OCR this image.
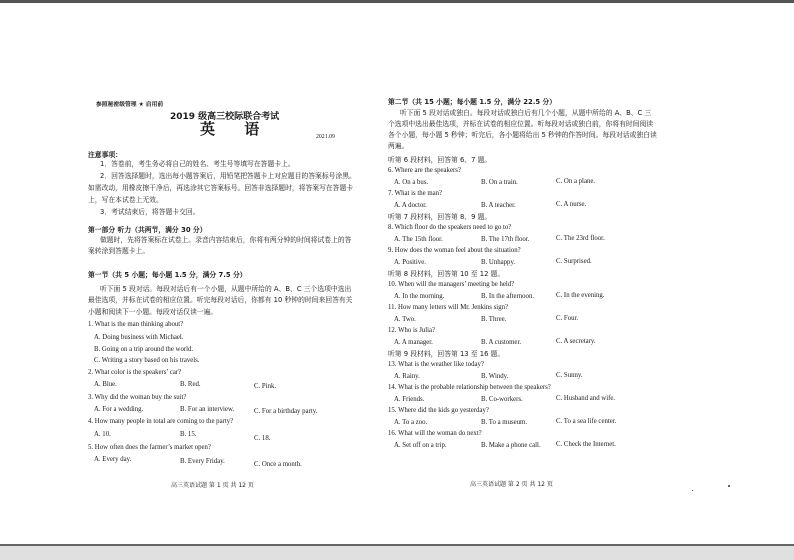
参照秘密级管理 ★ 启用前
2019 级高三校际联合考试
英 语	2021.09
注意事项：
1．答卷前，考生务必将自己的姓名、考生号等填写在答题卡上。
2．回答选择题时，选出每小题答案后，用铅笔把答题卡上对应题目的答案标号涂黑。
如需改动，用橡皮擦干净后，再选涂其它答案标号。回答非选择题时，将答案写在答题卡
上，写在本试卷上无效。
3．考试结束后，将答题卡交回。
第一部分 听力（共两节，满分 30 分）
做题时，先将答案标在试卷上。录音内容结束后，你将有两分钟的时间将试卷上的答
案转涂到答题卡上。
第一节（共 5 小题；每小题 1.5 分，满分 7.5 分）
听下面 5 段对话。每段对话后有一个小题，从题中所给的 A、B、C 三个选项中选出
最佳选项，并标在试卷的相应位置。听完每段对话后，你都有 10 秒钟的时间来回答有关
小题和阅读下一小题。每段对话仅读一遍。
1. What is the man thinking about?
A. Doing business with Michael.
B. Going on a trip around the world.
C. Writing a story based on his travels.
2. What color is the speakers’ car?
A. Blue.	B. Red.	C. Pink.
3. Why did the woman buy the suit?
A. For a wedding.	B. For an interview.	C. For a birthday party.
4. How many people in total are coming to the party?
A. 10.	B. 15.
C. 18.
5. How often does the farmer’s market open?
A. Every day.	B. Every Friday.	C. Once a month.
高三英语试题 第 1 页 共 12 页
第二节（共 15 小题；每小题 1.5 分，满分 22.5 分）
听下面 5 段对话或独白。每段对话或独白后有几个小题，从题中所给的 A、B、C 三
个选项中选出最佳选项，并标在试卷的相应位置。听每段对话或独白前，你将有时间阅读
各个小题，每小题 5 秒钟；听完后，各小题将给出 5 秒钟的作答时间。每段对话或独白读
两遍。
听第 6 段材料，回答第 6、7 题。
6. Where are the speakers?
A. On a bus.	B. On a train.	C. On a plane.
7. What is the man?
A. A doctor.	B. A teacher.	C. A nurse.
听第 7 段材料，回答第 8、9 题。
8. Which floor do the speakers need to go to?
A. The 15th floor.	B. The 17th floor.	C. The 23rd floor.
9. How does the woman feel about the situation?
A. Positive.	B. Unhappy.	C. Surprised.
听第 8 段材料，回答第 10 至 12 题。
10. When will the managers’ meeting be held?
A. In the morning.	B. In the afternoon.	C. In the evening.
11. How many letters will Mr. Jenkins sign?
A. Two.	B. Three.	C. Four.
12. Who is Julia?
A. A manager.	B. A customer.	C. A secretary.
听第 9 段材料，回答第 13 至 16 题。
13. What is the weather like today?
A. Rainy.	B. Windy.	C. Sunny.
14. What is the probable relationship between the speakers?
A. Friends.	B. Co-workers.	C. Husband and wife.
15. Where did the kids go yesterday?
A. To a zoo.	B. To a museum.	C. To a sea life center.
16. What will the woman do next?
A. Set off on a trip.	B. Make a phone call. C. Check the Internet.
高三英语试题 第 2 页 共 12 页
